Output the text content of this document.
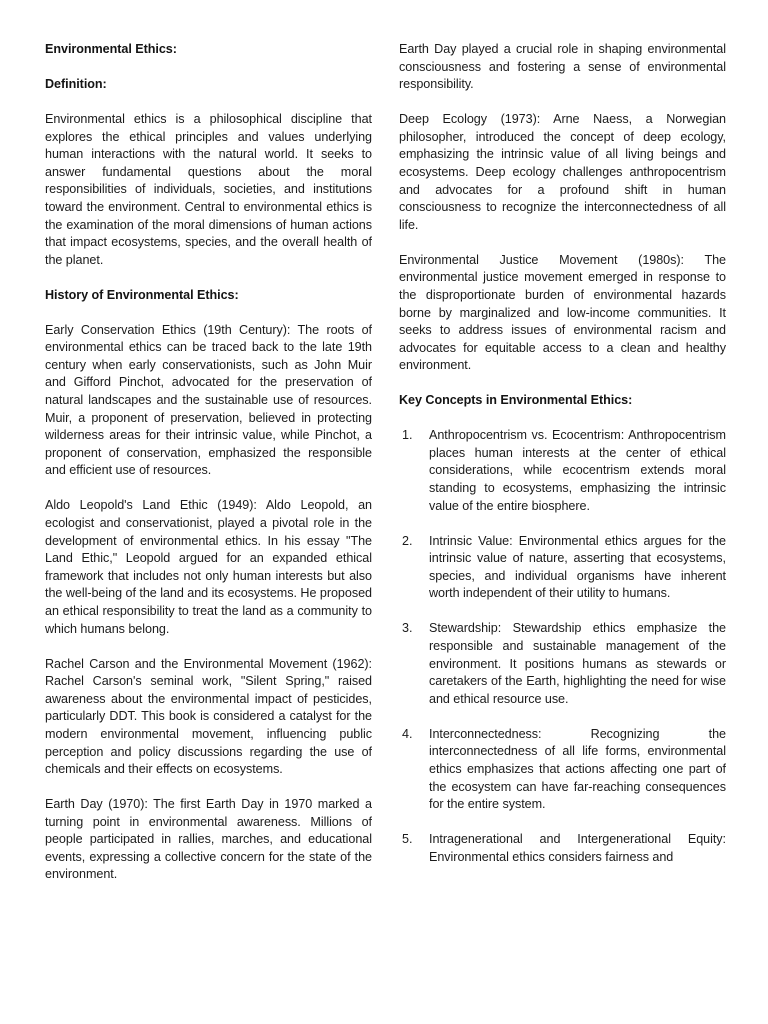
Environmental Ethics:
Definition:
Environmental ethics is a philosophical discipline that explores the ethical principles and values underlying human interactions with the natural world. It seeks to answer fundamental questions about the moral responsibilities of individuals, societies, and institutions toward the environment. Central to environmental ethics is the examination of the moral dimensions of human actions that impact ecosystems, species, and the overall health of the planet.
History of Environmental Ethics:
Early Conservation Ethics (19th Century): The roots of environmental ethics can be traced back to the late 19th century when early conservationists, such as John Muir and Gifford Pinchot, advocated for the preservation of natural landscapes and the sustainable use of resources. Muir, a proponent of preservation, believed in protecting wilderness areas for their intrinsic value, while Pinchot, a proponent of conservation, emphasized the responsible and efficient use of resources.
Aldo Leopold's Land Ethic (1949): Aldo Leopold, an ecologist and conservationist, played a pivotal role in the development of environmental ethics. In his essay "The Land Ethic," Leopold argued for an expanded ethical framework that includes not only human interests but also the well-being of the land and its ecosystems. He proposed an ethical responsibility to treat the land as a community to which humans belong.
Rachel Carson and the Environmental Movement (1962): Rachel Carson's seminal work, "Silent Spring," raised awareness about the environmental impact of pesticides, particularly DDT. This book is considered a catalyst for the modern environmental movement, influencing public perception and policy discussions regarding the use of chemicals and their effects on ecosystems.
Earth Day (1970): The first Earth Day in 1970 marked a turning point in environmental awareness. Millions of people participated in rallies, marches, and educational events, expressing a collective concern for the state of the environment.
Earth Day played a crucial role in shaping environmental consciousness and fostering a sense of environmental responsibility.
Deep Ecology (1973): Arne Naess, a Norwegian philosopher, introduced the concept of deep ecology, emphasizing the intrinsic value of all living beings and ecosystems. Deep ecology challenges anthropocentrism and advocates for a profound shift in human consciousness to recognize the interconnectedness of all life.
Environmental Justice Movement (1980s): The environmental justice movement emerged in response to the disproportionate burden of environmental hazards borne by marginalized and low-income communities. It seeks to address issues of environmental racism and advocates for equitable access to a clean and healthy environment.
Key Concepts in Environmental Ethics:
1.	Anthropocentrism vs. Ecocentrism: Anthropocentrism places human interests at the center of ethical considerations, while ecocentrism extends moral standing to ecosystems, emphasizing the intrinsic value of the entire biosphere.
2.	Intrinsic Value: Environmental ethics argues for the intrinsic value of nature, asserting that ecosystems, species, and individual organisms have inherent worth independent of their utility to humans.
3.	Stewardship: Stewardship ethics emphasize the responsible and sustainable management of the environment. It positions humans as stewards or caretakers of the Earth, highlighting the need for wise and ethical resource use.
4.	Interconnectedness: Recognizing the interconnectedness of all life forms, environmental ethics emphasizes that actions affecting one part of the ecosystem can have far-reaching consequences for the entire system.
5.	Intragenerational and Intergenerational Equity: Environmental ethics considers fairness and
